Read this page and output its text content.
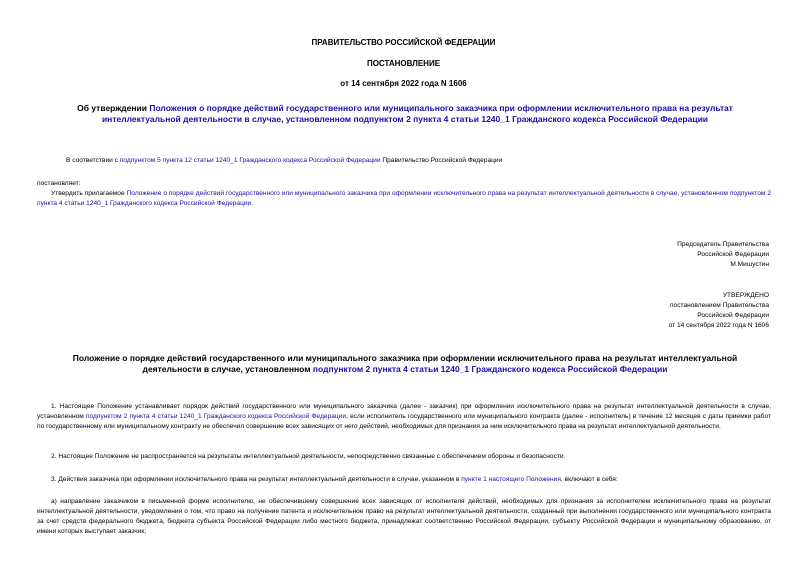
ПРАВИТЕЛЬСТВО РОССИЙСКОЙ ФЕДЕРАЦИИ
ПОСТАНОВЛЕНИЕ
от 14 сентября 2022 года N 1606
Об утверждении Положения о порядке действий государственного или муниципального заказчика при оформлении исключительного права на результат интеллектуальной деятельности в случае, установленном подпунктом 2 пункта 4 статьи 1240_1 Гражданского кодекса Российской Федерации
В соответствии с подпунктом 5 пункта 12 статьи 1240_1 Гражданского кодекса Российской Федерации Правительство Российской Федерации
постановляет:
Утвердить прилагаемое Положение о порядке действий государственного или муниципального заказчика при оформлении исключительного права на результат интеллектуальной деятельности в случае, установленном подпунктом 2 пункта 4 статьи 1240_1 Гражданского кодекса Российской Федерации.
Председатель Правительства
Российской Федерации
М.Мишустин
УТВЕРЖДЕНО
постановлением Правительства
Российской Федерации
от 14 сентября 2022 года N 1606
Положение о порядке действий государственного или муниципального заказчика при оформлении исключительного права на результат интеллектуальной деятельности в случае, установленном подпунктом 2 пункта 4 статьи 1240_1 Гражданского кодекса Российской Федерации
1. Настоящее Положение устанавливает порядок действий государственного или муниципального заказчика (далее - заказчик) при оформлении исключительного права на результат интеллектуальной деятельности в случае, установленном подпунктом 2 пункта 4 статьи 1240_1 Гражданского кодекса Российской Федерации, если исполнитель государственного или муниципального контракта (далее - исполнитель) в течение 12 месяцев с даты приемки работ по государственному или муниципальному контракту не обеспечил совершение всех зависящих от него действий, необходимых для признания за ним исключительного права на результат интеллектуальной деятельности.
2. Настоящее Положение не распространяется на результаты интеллектуальной деятельности, непосредственно связанные с обеспечением обороны и безопасности.
3. Действия заказчика при оформлении исключительного права на результат интеллектуальной деятельности в случае, указанном в пункте 1 настоящего Положения, включают в себя:
а) направление заказчиком в письменной форме исполнителю, не обеспечившему совершение всех зависящих от исполнителя действий, необходимых для признания за исполнителем исключительного права на результат интеллектуальной деятельности, уведомления о том, что право на получение патента и исключительное право на результат интеллектуальной деятельности, созданный при выполнении государственного или муниципального контракта за счет средств федерального бюджета, бюджета субъекта Российской Федерации либо местного бюджета, принадлежат соответственно Российской Федерации, субъекту Российской Федерации и муниципальному образованию, от имени которых выступает заказчик;
